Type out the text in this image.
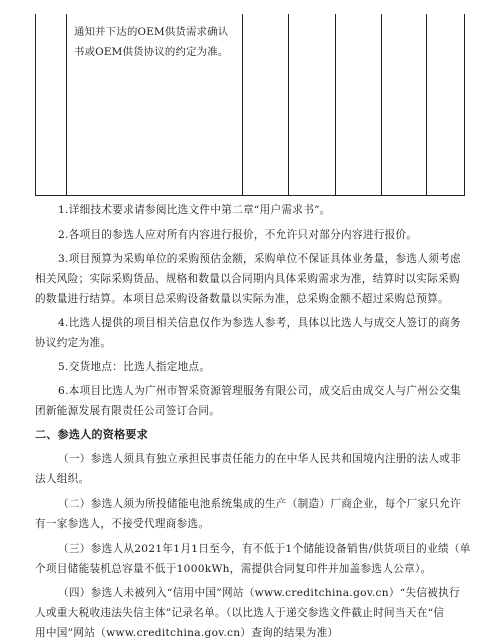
通知并下达的OEM供货需求确认
书或OEM供货协议的约定为准。
1.详细技术要求请参阅比选文件中第二章“用户需求书”。
2.各项目的参选人应对所有内容进行报价，不允许只对部分内容进行报价。
3.项目预算为采购单位的采购预估金额，采购单位不保证具体业务量，参选人须考虑
相关风险；实际采购货品、规格和数量以合同期内具体采购需求为准，结算时以实际采购
的数量进行结算。本项目总采购设备数量以实际为准，总采购金额不超过采购总预算。
4.比选人提供的项目相关信息仅作为参选人参考，具体以比选人与成交人签订的商务
协议约定为准。
5.交货地点：比选人指定地点。
6.本项目比选人为广州市智采资源管理服务有限公司，成交后由成交人与广州公交集
团新能源发展有限责任公司签订合同。
二、参选人的资格要求
（一）参选人须具有独立承担民事责任能力的在中华人民共和国境内注册的法人或非
法人组织。
（二）参选人须为所投储能电池系统集成的生产（制造）厂商企业，每个厂家只允许
有一家参选人，不接受代理商参选。
（三）参选人从2021年1月1日至今，有不低于1个储能设备销售/供货项目的业绩（单
个项目储能装机总容量不低于1000kWh，需提供合同复印件并加盖参选人公章）。
（四）参选人未被列入“信用中国”网站（www.creditchina.gov.cn）“失信被执行
人或重大税收违法失信主体”记录名单。（以比选人于递交参选文件截止时间当天在“信
用中国”网站（www.creditchina.gov.cn）查询的结果为准）
